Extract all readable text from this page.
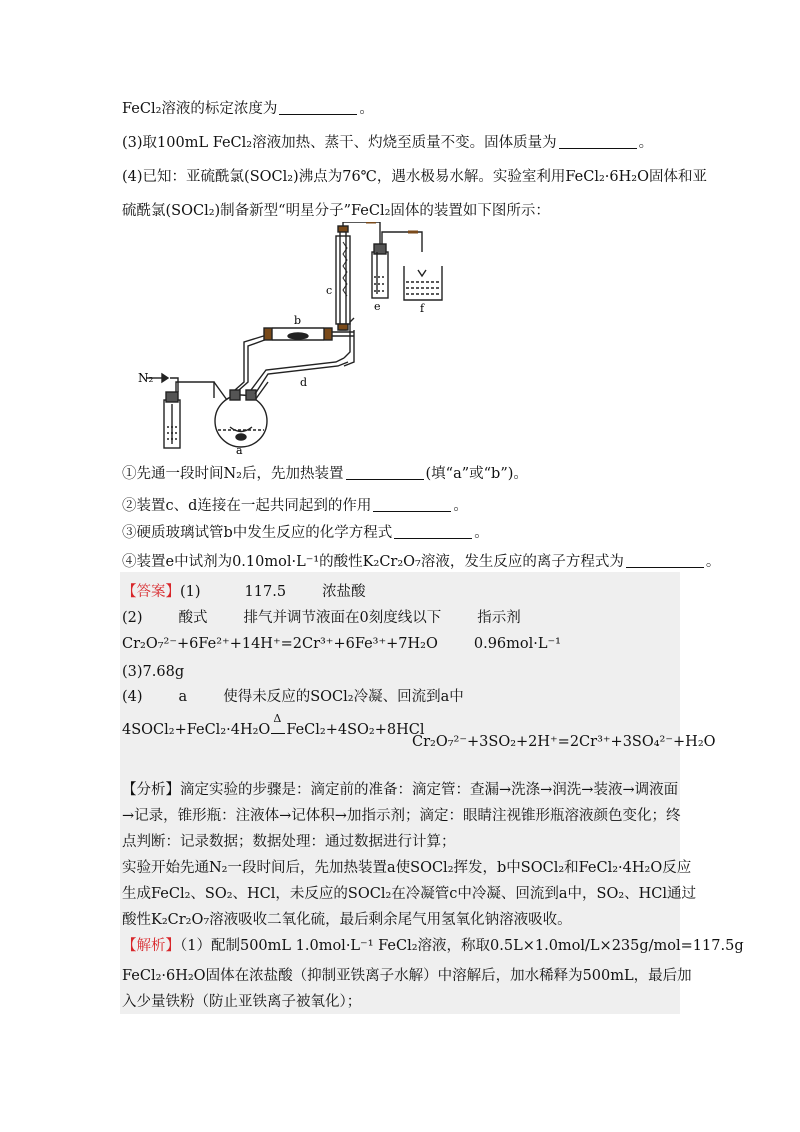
FeCl₂溶液的标定浓度为	。
(3)取100mL FeCl₂溶液加热、蒸干、灼烧至质量不变。固体质量为	。
(4)已知：亚硫酰氯(SOCl₂)沸点为76℃，遇水极易水解。实验室利用FeCl₂·6H₂O固体和亚
硫酰氯(SOCl₂)制备新型“明星分子”FeCl₂固体的装置如下图所示：
N₂
a
b
c
d
e	f
①先通一段时间N₂后，先加热装置	(填“a”或“b”)。
②装置c、d连接在一起共同起到的作用	。
③硬质玻璃试管b中发生反应的化学方程式	。
④装置e中试剂为0.10mol·L⁻¹的酸性K₂Cr₂O₇溶液，发生反应的离子方程式为	。
【答案】(1)	117.5 浓盐酸
(2) 酸式 排气并调节液面在0刻度线以下 指示剂
Cr₂O₇²⁻+6Fe²⁺+14H⁺=2Cr³⁺+6Fe³⁺+7H₂O 0.96mol·L⁻¹
(3)7.68g
(4) a 使得未反应的SOCl₂冷凝、回流到a中
4SOCl₂+FeCl₂·4H₂O
Δ
FeCl₂+4SO₂+8HCl
Cr₂O₇²⁻+3SO₂+2H⁺=2Cr³⁺+3SO₄²⁻+H₂O
【分析】滴定实验的步骤是：滴定前的准备：滴定管：查漏→洗涤→润洗→装液→调液面
→记录，锥形瓶：注液体→记体积→加指示剂；滴定：眼睛注视锥形瓶溶液颜色变化；终
点判断：记录数据；数据处理：通过数据进行计算；
实验开始先通N₂一段时间后，先加热装置a使SOCl₂挥发，b中SOCl₂和FeCl₂·4H₂O反应
生成FeCl₂、SO₂、HCl，未反应的SOCl₂在冷凝管c中冷凝、回流到a中，SO₂、HCl通过
酸性K₂Cr₂O₇溶液吸收二氧化硫，最后剩余尾气用氢氧化钠溶液吸收。
【解析】（1）配制500mL 1.0mol·L⁻¹ FeCl₂溶液，称取0.5L×1.0mol/L×235g/mol=117.5g
FeCl₂·6H₂O固体在浓盐酸（抑制亚铁离子水解）中溶解后，加水稀释为500mL，最后加
入少量铁粉（防止亚铁离子被氧化）；
